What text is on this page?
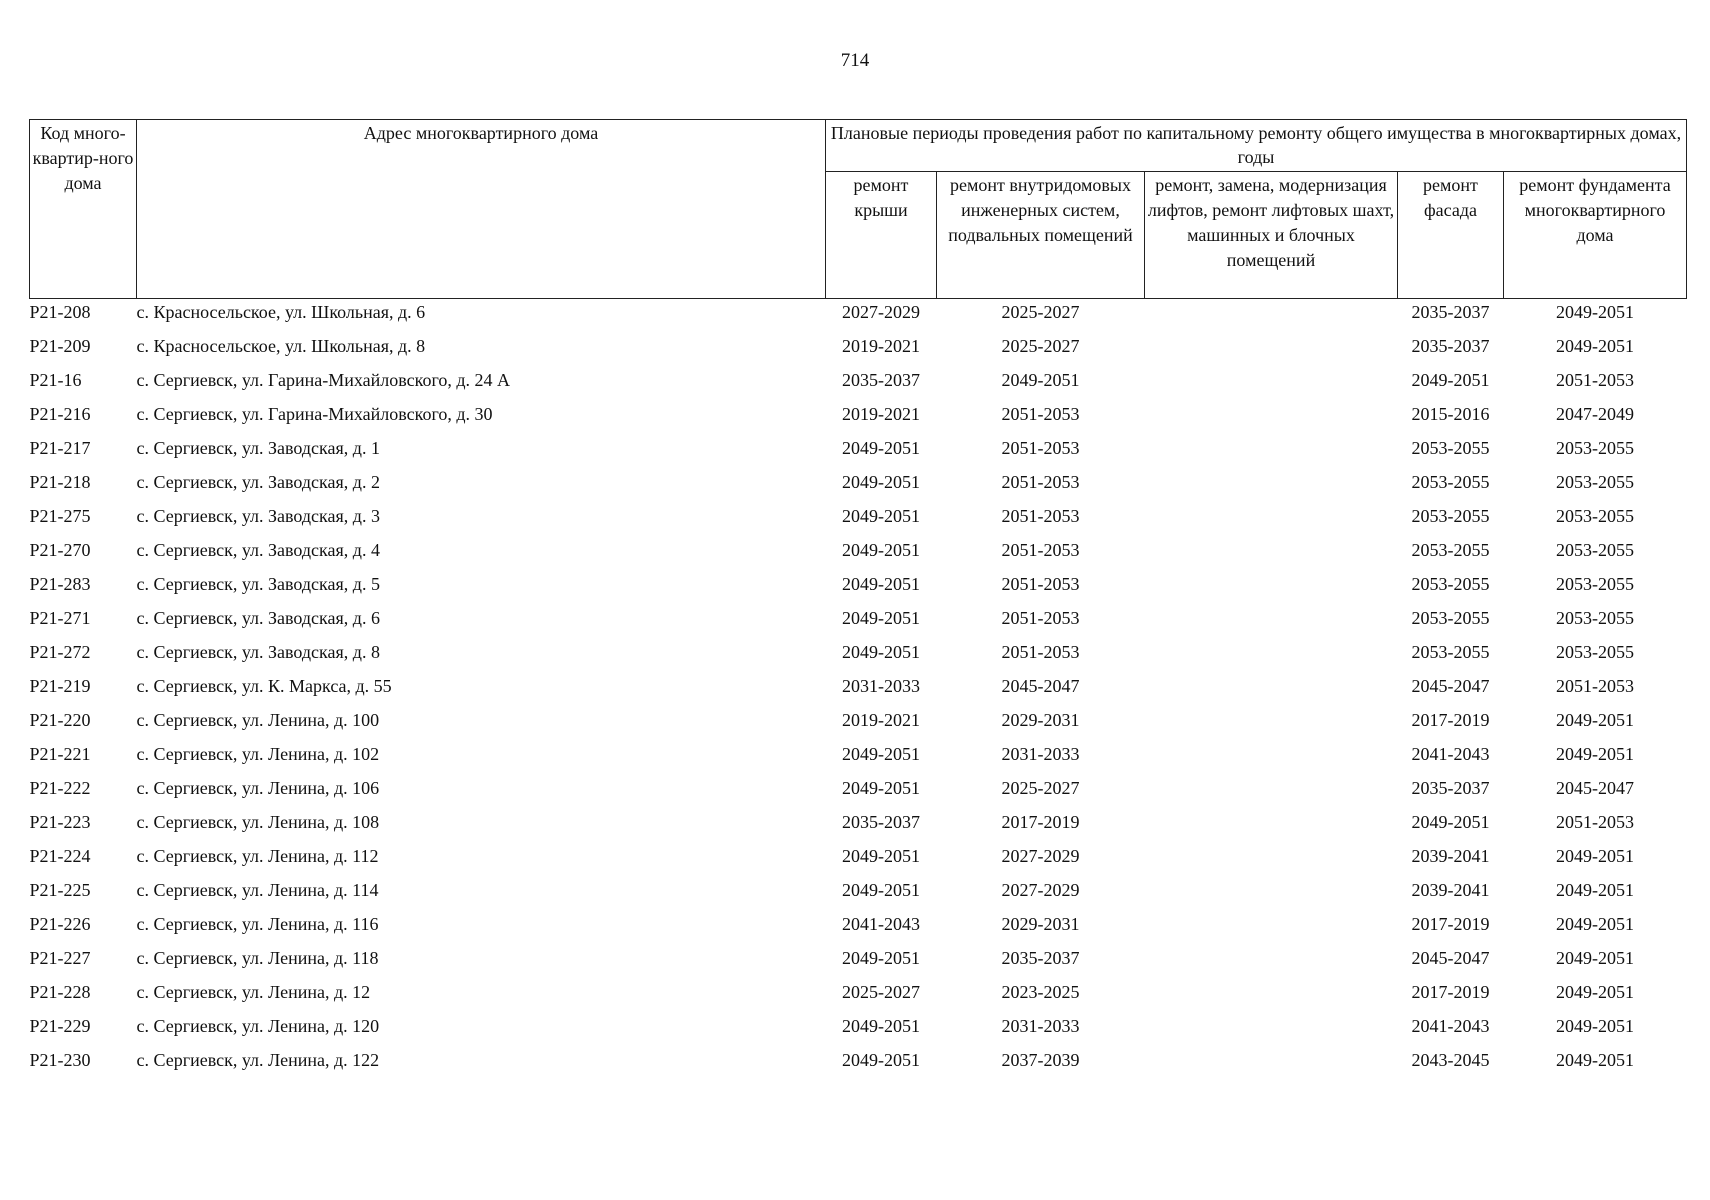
714
Код много-квартир-ного дома	Адрес многоквартирного дома	Плановые периоды проведения работ по капитальному ремонту общего имущества в многоквартирных домах, годы				
		ремонт крыши	ремонт внутридомовых инженерных систем, подвальных помещений	ремонт, замена, модернизация лифтов, ремонт лифтовых шахт, машинных и блочных помещений	ремонт фасада	ремонт фундамента многоквартирного дома
P21-208	с. Красносельское, ул. Школьная, д. 6	2027-2029	2025-2027		2035-2037	2049-2051
P21-209	с. Красносельское, ул. Школьная, д. 8	2019-2021	2025-2027		2035-2037	2049-2051
P21-16	с. Сергиевск, ул. Гарина-Михайловского, д. 24 А	2035-2037	2049-2051		2049-2051	2051-2053
P21-216	с. Сергиевск, ул. Гарина-Михайловского, д. 30	2019-2021	2051-2053		2015-2016	2047-2049
P21-217	с. Сергиевск, ул. Заводская, д. 1	2049-2051	2051-2053		2053-2055	2053-2055
P21-218	с. Сергиевск, ул. Заводская, д. 2	2049-2051	2051-2053		2053-2055	2053-2055
P21-275	с. Сергиевск, ул. Заводская, д. 3	2049-2051	2051-2053		2053-2055	2053-2055
P21-270	с. Сергиевск, ул. Заводская, д. 4	2049-2051	2051-2053		2053-2055	2053-2055
P21-283	с. Сергиевск, ул. Заводская, д. 5	2049-2051	2051-2053		2053-2055	2053-2055
P21-271	с. Сергиевск, ул. Заводская, д. 6	2049-2051	2051-2053		2053-2055	2053-2055
P21-272	с. Сергиевск, ул. Заводская, д. 8	2049-2051	2051-2053		2053-2055	2053-2055
P21-219	с. Сергиевск, ул. К. Маркса, д. 55	2031-2033	2045-2047		2045-2047	2051-2053
P21-220	с. Сергиевск, ул. Ленина, д. 100	2019-2021	2029-2031		2017-2019	2049-2051
P21-221	с. Сергиевск, ул. Ленина, д. 102	2049-2051	2031-2033		2041-2043	2049-2051
P21-222	с. Сергиевск, ул. Ленина, д. 106	2049-2051	2025-2027		2035-2037	2045-2047
P21-223	с. Сергиевск, ул. Ленина, д. 108	2035-2037	2017-2019		2049-2051	2051-2053
P21-224	с. Сергиевск, ул. Ленина, д. 112	2049-2051	2027-2029		2039-2041	2049-2051
P21-225	с. Сергиевск, ул. Ленина, д. 114	2049-2051	2027-2029		2039-2041	2049-2051
P21-226	с. Сергиевск, ул. Ленина, д. 116	2041-2043	2029-2031		2017-2019	2049-2051
P21-227	с. Сергиевск, ул. Ленина, д. 118	2049-2051	2035-2037		2045-2047	2049-2051
P21-228	с. Сергиевск, ул. Ленина, д. 12	2025-2027	2023-2025		2017-2019	2049-2051
P21-229	с. Сергиевск, ул. Ленина, д. 120	2049-2051	2031-2033		2041-2043	2049-2051
P21-230	с. Сергиевск, ул. Ленина, д. 122	2049-2051	2037-2039		2043-2045	2049-2051
